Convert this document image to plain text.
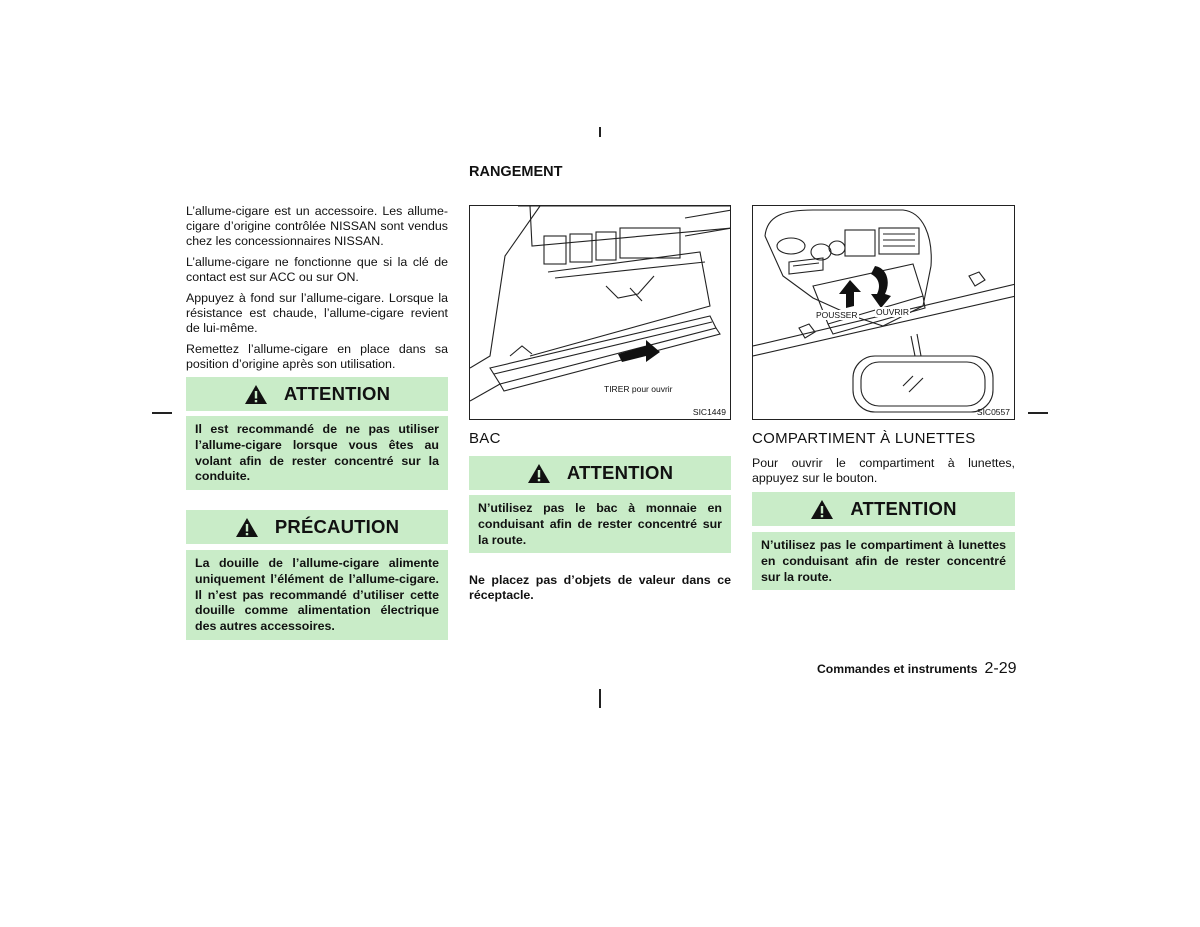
L’allume-cigare est un accessoire. Les allume-cigare d’origine contrôlée NISSAN sont vendus chez les concessionnaires NISSAN.

L’allume-cigare ne fonctionne que si la clé de contact est sur ACC ou sur ON.

Appuyez à fond sur l’allume-cigare. Lorsque la résistance est chaude, l’allume-cigare revient de lui-même.

Remettez l’allume-cigare en place dans sa position d’origine après son utilisation.

ATTENTION
Il est recommandé de ne pas utiliser l’allume-cigare lorsque vous êtes au volant afin de rester concentré sur la conduite.
PRÉCAUTION
La douille de l’allume-cigare alimente uniquement l’élément de l’allume-cigare. Il n’est pas recommandé d’utiliser cette douille comme alimentation électrique des autres accessoires.
RANGEMENT
TIRER pour ouvrir
SIC1449
BAC
ATTENTION
N’utilisez pas le bac à monnaie en conduisant afin de rester concentré sur la route.
Ne placez pas d’objets de valeur dans ce réceptacle.
POUSSER OUVRIR
SIC0557
COMPARTIMENT À LUNETTES
Pour ouvrir le compartiment à lunettes, appuyez sur le bouton.
ATTENTION
N’utilisez pas le compartiment à lunettes en conduisant afin de rester concentré sur la route.
Commandes et instruments 2-29
